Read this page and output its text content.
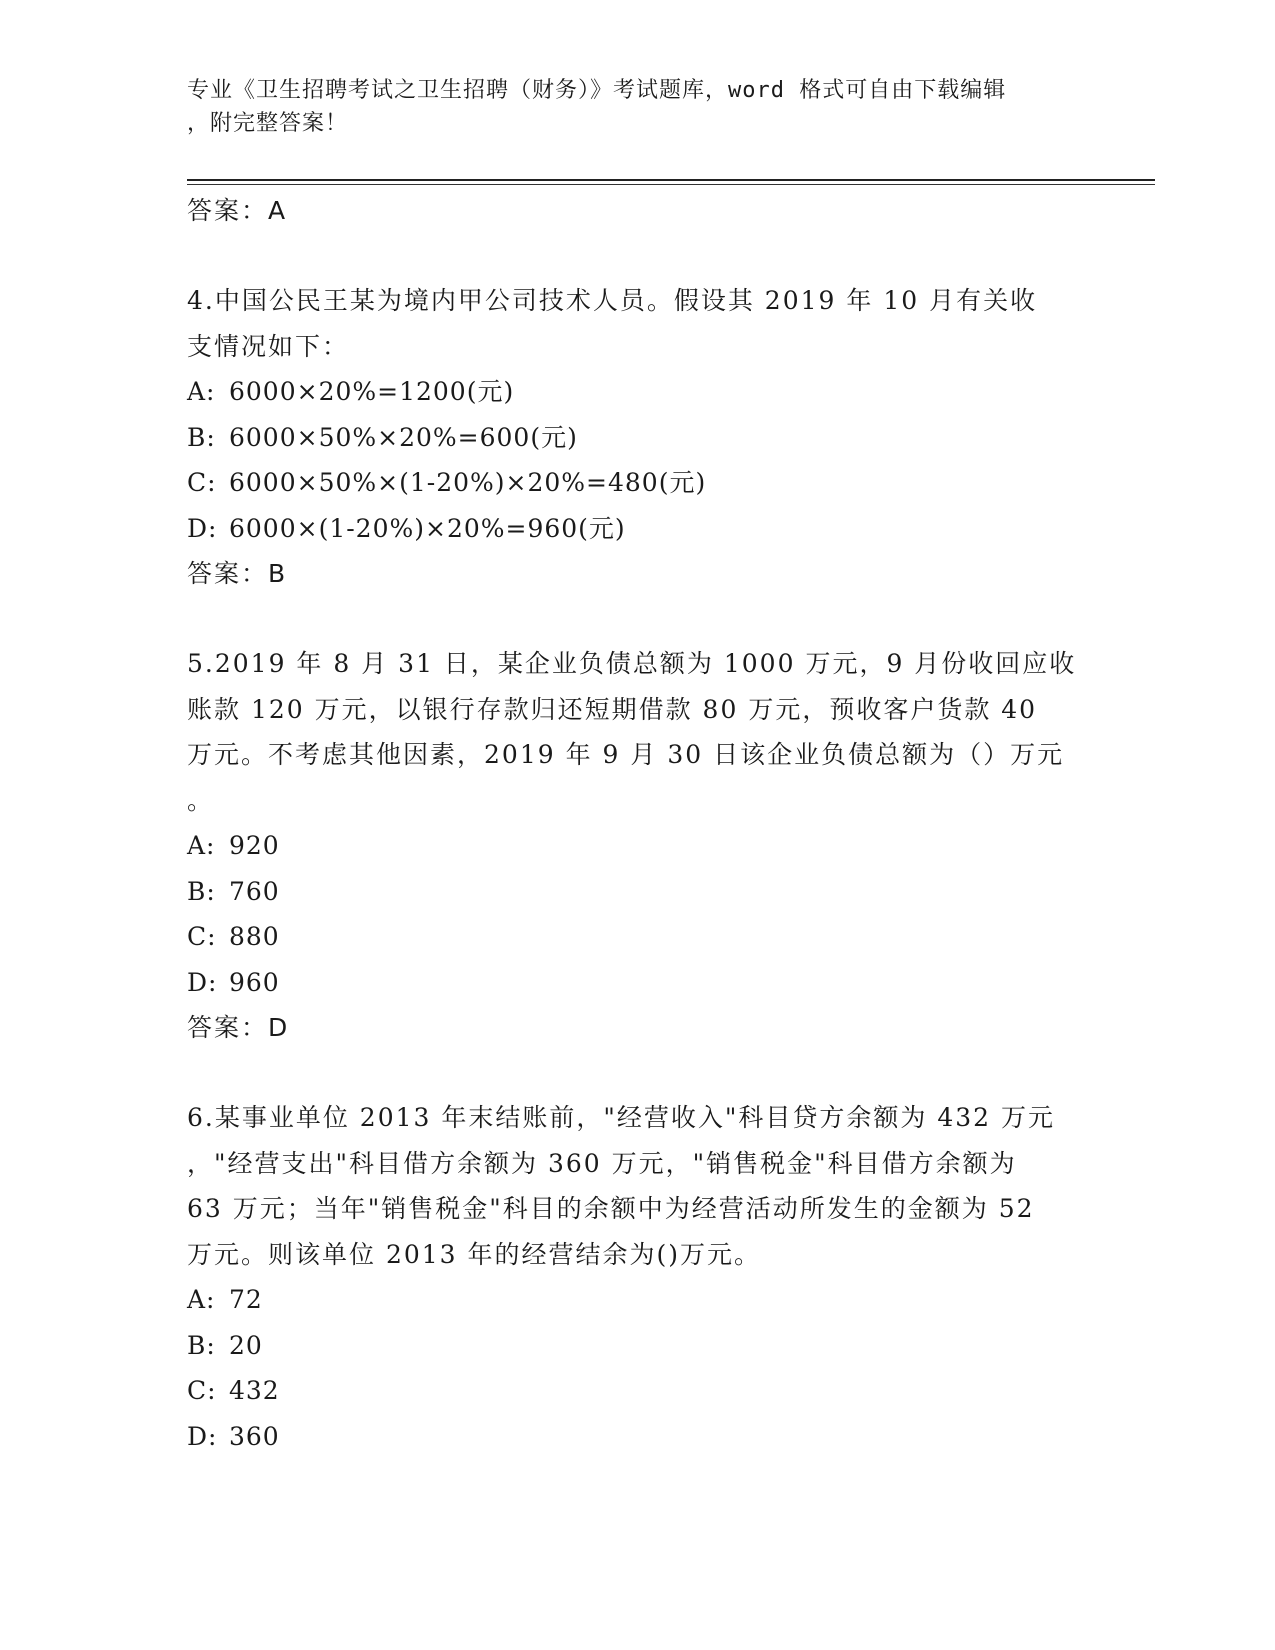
专业《卫生招聘考试之卫生招聘（财务）》考试题库，word 格式可自由下载编辑
，附完整答案！
答案：A
4.中国公民王某为境内甲公司技术人员。假设其 2019 年 10 月有关收
支情况如下：
A: 6000×20%=1200(元)
B: 6000×50%×20%=600(元)
C: 6000×50%×(1-20%)×20%=480(元)
D: 6000×(1-20%)×20%=960(元)
答案：B
5.2019 年 8 月 31 日，某企业负债总额为 1000 万元，9 月份收回应收
账款 120 万元，以银行存款归还短期借款 80 万元，预收客户货款 40
万元。不考虑其他因素，2019 年 9 月 30 日该企业负债总额为（）万元
。
A: 920
B: 760
C: 880
D: 960
答案：D
6.某事业单位 2013 年末结账前，"经营收入"科目贷方余额为 432 万元
，"经营支出"科目借方余额为 360 万元，"销售税金"科目借方余额为
63 万元；当年"销售税金"科目的余额中为经营活动所发生的金额为 52
万元。则该单位 2013 年的经营结余为()万元。
A: 72
B: 20
C: 432
D: 360
